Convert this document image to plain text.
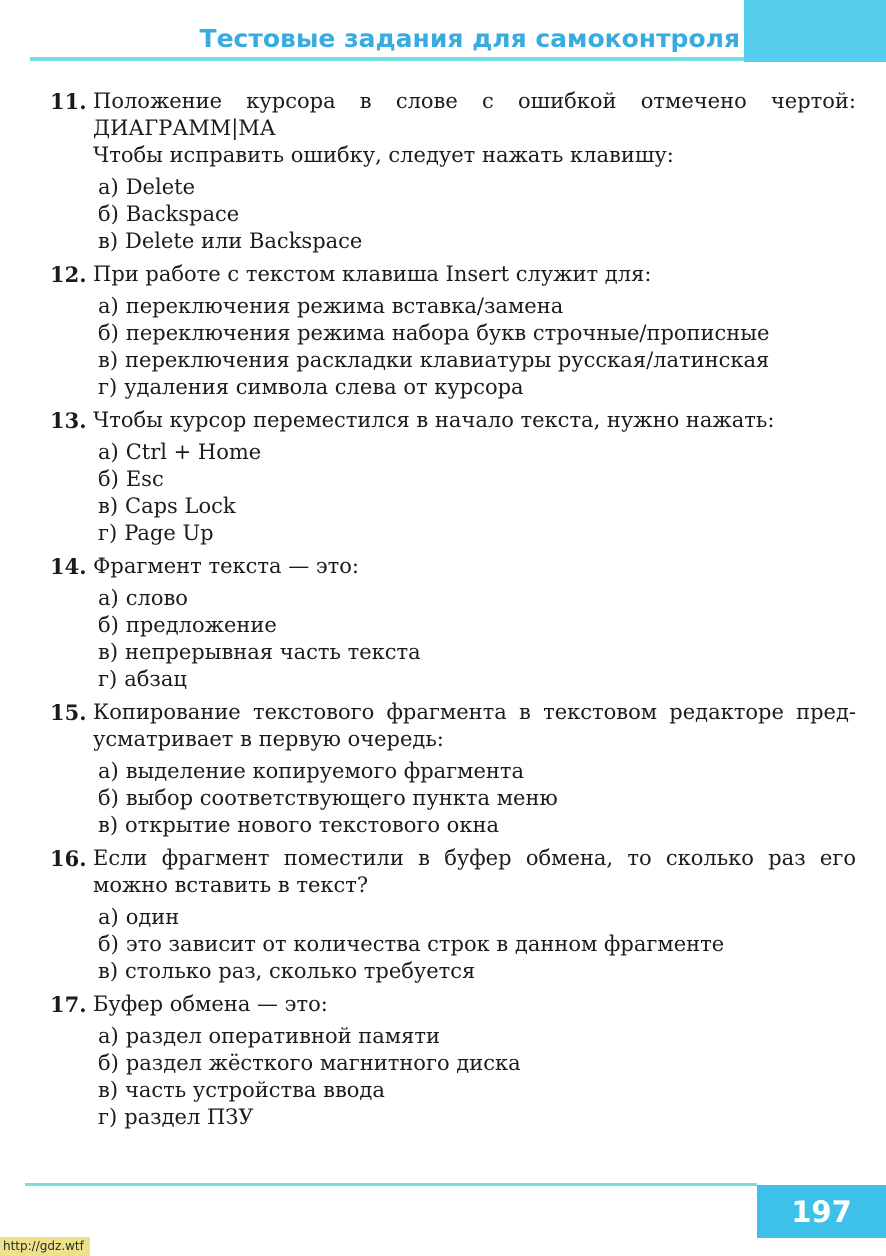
Тестовые задания для самоконтроля
11. Положение курсора в слове с ошибкой отмечено чертой:
ДИАГРАММ|МА
Чтобы исправить ошибку, следует нажать клавишу:
а) Delete
б) Backspace
в) Delete или Backspace
12. При работе с текстом клавиша Insert служит для:
а) переключения режима вставка/замена
б) переключения режима набора букв строчные/прописные
в) переключения раскладки клавиатуры русская/латинская
г) удаления символа слева от курсора
13. Чтобы курсор переместился в начало текста, нужно нажать:
а) Ctrl + Home
б) Esc
в) Caps Lock
г) Page Up
14. Фрагмент текста — это:
а) слово
б) предложение
в) непрерывная часть текста
г) абзац
15. Копирование текстового фрагмента в текстовом редакторе пред-
усматривает в первую очередь:
а) выделение копируемого фрагмента
б) выбор соответствующего пункта меню
в) открытие нового текстового окна
16. Если фрагмент поместили в буфер обмена, то сколько раз его
можно вставить в текст?
а) один
б) это зависит от количества строк в данном фрагменте
в) столько раз, сколько требуется
17. Буфер обмена — это:
а) раздел оперативной памяти
б) раздел жёсткого магнитного диска
в) часть устройства ввода
г) раздел ПЗУ
197
http://gdz.wtf
